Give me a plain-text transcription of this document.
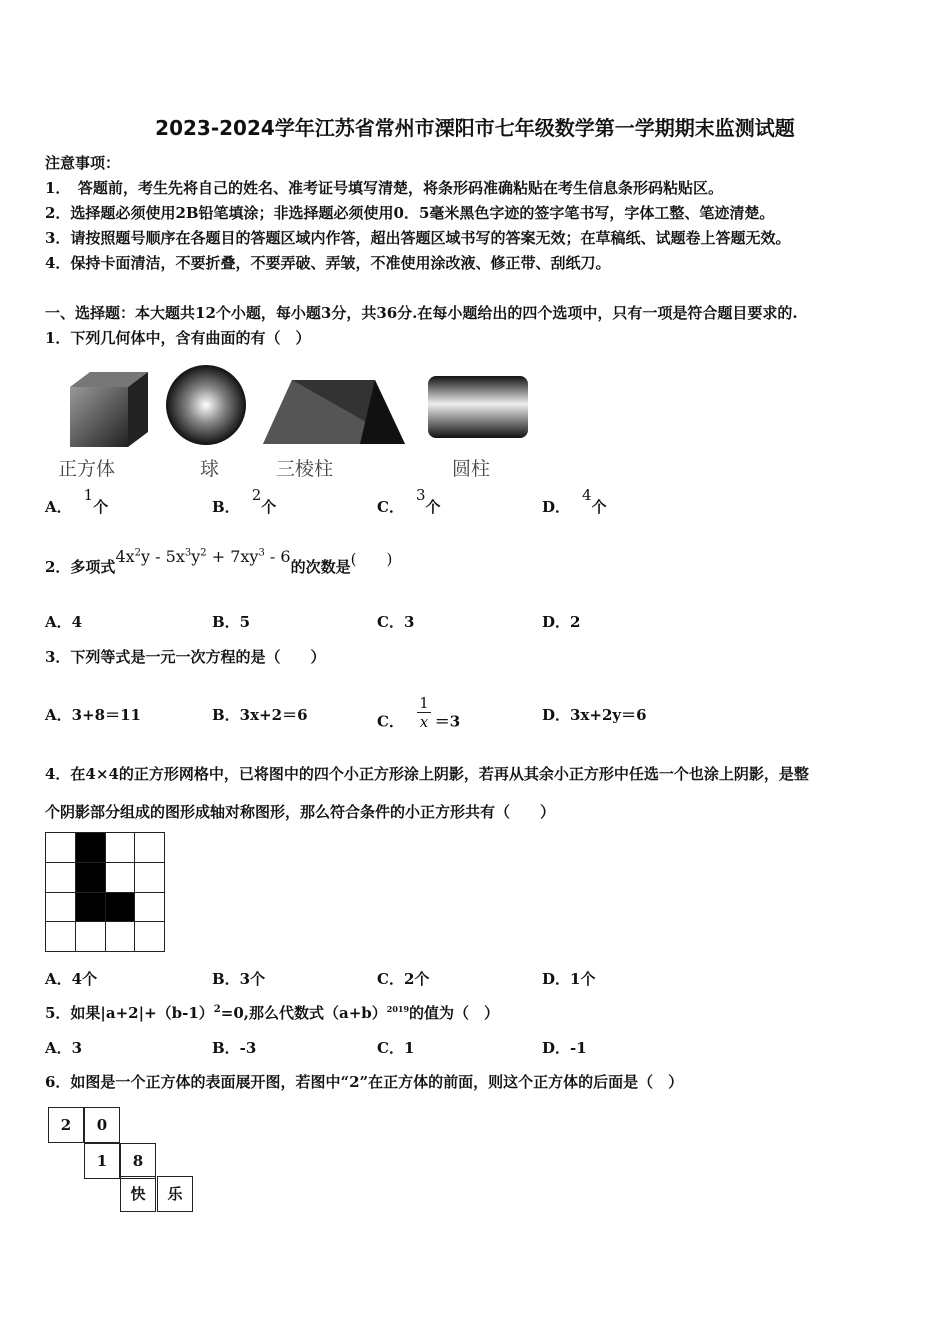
2023-2024学年江苏省常州市溧阳市七年级数学第一学期期末监测试题
注意事项：
1．　答题前，考生先将自己的姓名、准考证号填写清楚，将条形码准确粘贴在考生信息条形码粘贴区。
2．选择题必须使用2B铅笔填涂；非选择题必须使用0．5毫米黑色字迹的签字笔书写，字体工整、笔迹清楚。
3．请按照题号顺序在各题目的答题区域内作答，超出答题区域书写的答案无效；在草稿纸、试题卷上答题无效。
4．保持卡面清洁，不要折叠，不要弄破、弄皱，不准使用涂改液、修正带、刮纸刀。
一、选择题：本大题共12个小题，每小题3分，共36分.在每小题给出的四个选项中，只有一项是符合题目要求的.
1．下列几何体中，含有曲面的有（　）
正方体	球	三棱柱	圆柱
A．1个	B．2个	C．3个	D．4个
2．多项式$4x^2y - 5x^3y^2 + 7xy^3 - 6$的次数是(　　)
A．4	B．5	C．3	D．2
3．下列等式是一元一次方程的是（　　）
A．3+8＝11	B．3x+2＝6	C． $\frac{1}{x} =3$	D．3x+2y＝6
4．在4×4的正方形网格中，已将图中的四个小正方形涂上阴影，若再从其余小正方形中任选一个也涂上阴影，是整
个阴影部分组成的图形成轴对称图形，那么符合条件的小正方形共有（　　）

A．4个	B．3个	C．2个	D．1个
5．如果$|a+2|+(b-1)^2=0$,那么代数式$(a+b)^{2019}$的值为（　）
A．3	B．-3	C．1	D．-1
6．如图是一个正方体的表面展开图，若图中“2”在正方体的前面，则这个正方体的后面是（　）
2	0
1	8
快	乐
